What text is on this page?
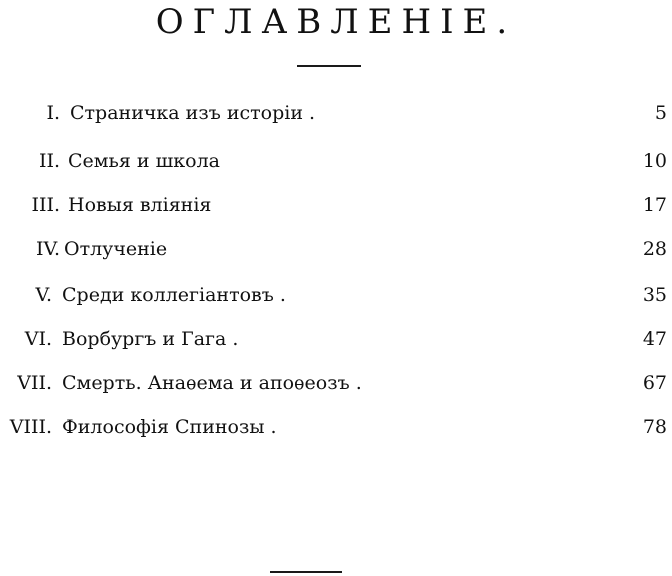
ОГЛАВЛЕНІЕ.
I. Страничка изъ исторіи .	5
II. Семья и школа	10
III. Новыя вліянія	17
IV. Отлученіе	28
V. Среди коллегіантовъ .	35
VI. Ворбургъ и Гага .	47
VII. Смерть. Анаѳема и апоѳеозъ .	67
VIII. Философія Спинозы .	78
